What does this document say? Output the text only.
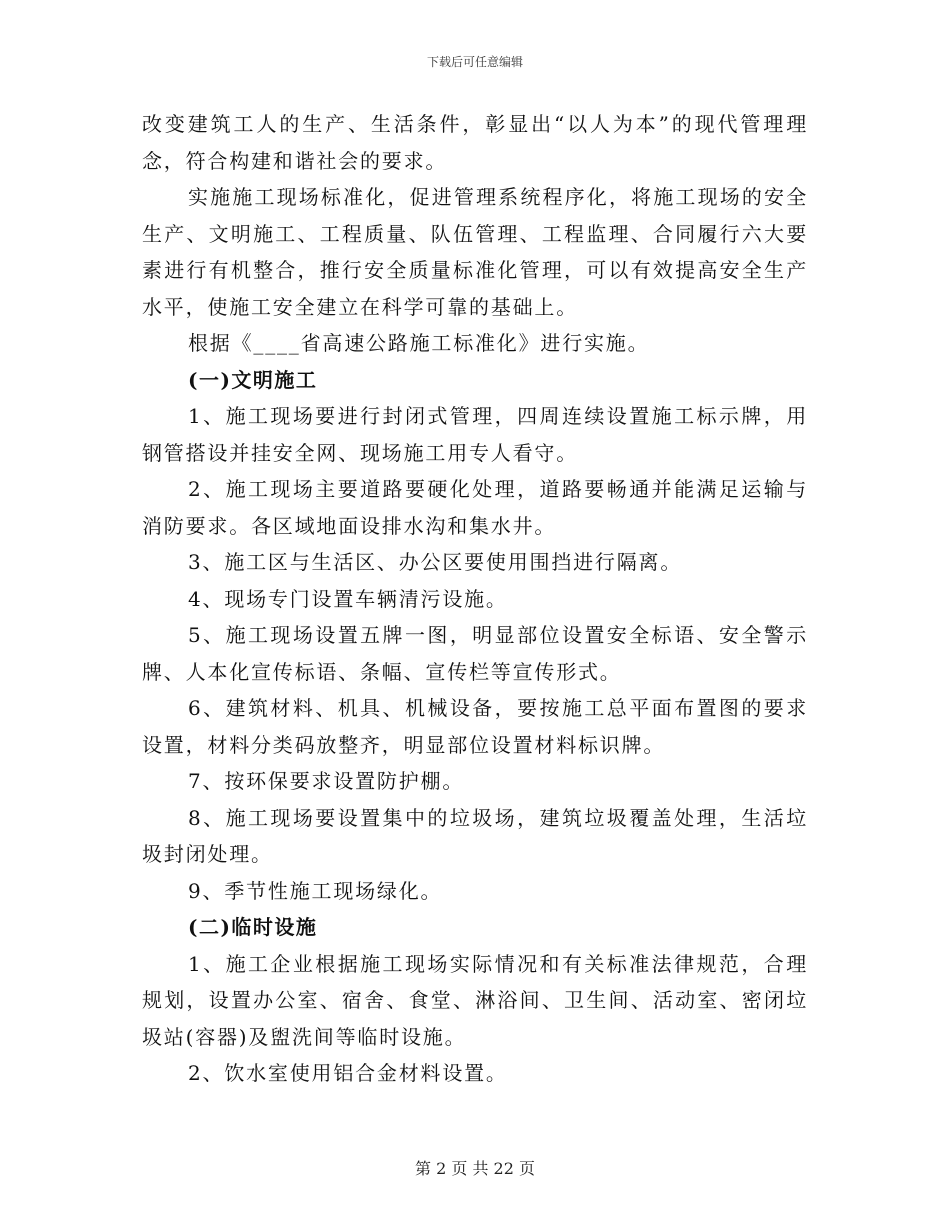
下载后可任意编辑

改变建筑工人的生产、生活条件，彰显出“以人为本”的现代管理理念，符合构建和谐社会的要求。

实施施工现场标准化，促进管理系统程序化，将施工现场的安全生产、文明施工、工程质量、队伍管理、工程监理、合同履行六大要素进行有机整合，推行安全质量标准化管理，可以有效提高安全生产水平，使施工安全建立在科学可靠的基础上。

根据《____省高速公路施工标准化》进行实施。

(一)文明施工

1、施工现场要进行封闭式管理，四周连续设置施工标示牌，用钢管搭设并挂安全网、现场施工用专人看守。

2、施工现场主要道路要硬化处理，道路要畅通并能满足运输与消防要求。各区域地面设排水沟和集水井。

3、施工区与生活区、办公区要使用围挡进行隔离。

4、现场专门设置车辆清污设施。

5、施工现场设置五牌一图，明显部位设置安全标语、安全警示牌、人本化宣传标语、条幅、宣传栏等宣传形式。

6、建筑材料、机具、机械设备，要按施工总平面布置图的要求设置，材料分类码放整齐，明显部位设置材料标识牌。

7、按环保要求设置防护棚。

8、施工现场要设置集中的垃圾场，建筑垃圾覆盖处理，生活垃圾封闭处理。

9、季节性施工现场绿化。

(二)临时设施

1、施工企业根据施工现场实际情况和有关标准法律规范，合理规划，设置办公室、宿舍、食堂、淋浴间、卫生间、活动室、密闭垃圾站(容器)及盥洗间等临时设施。

2、饮水室使用铝合金材料设置。

第 2 页 共 22 页
